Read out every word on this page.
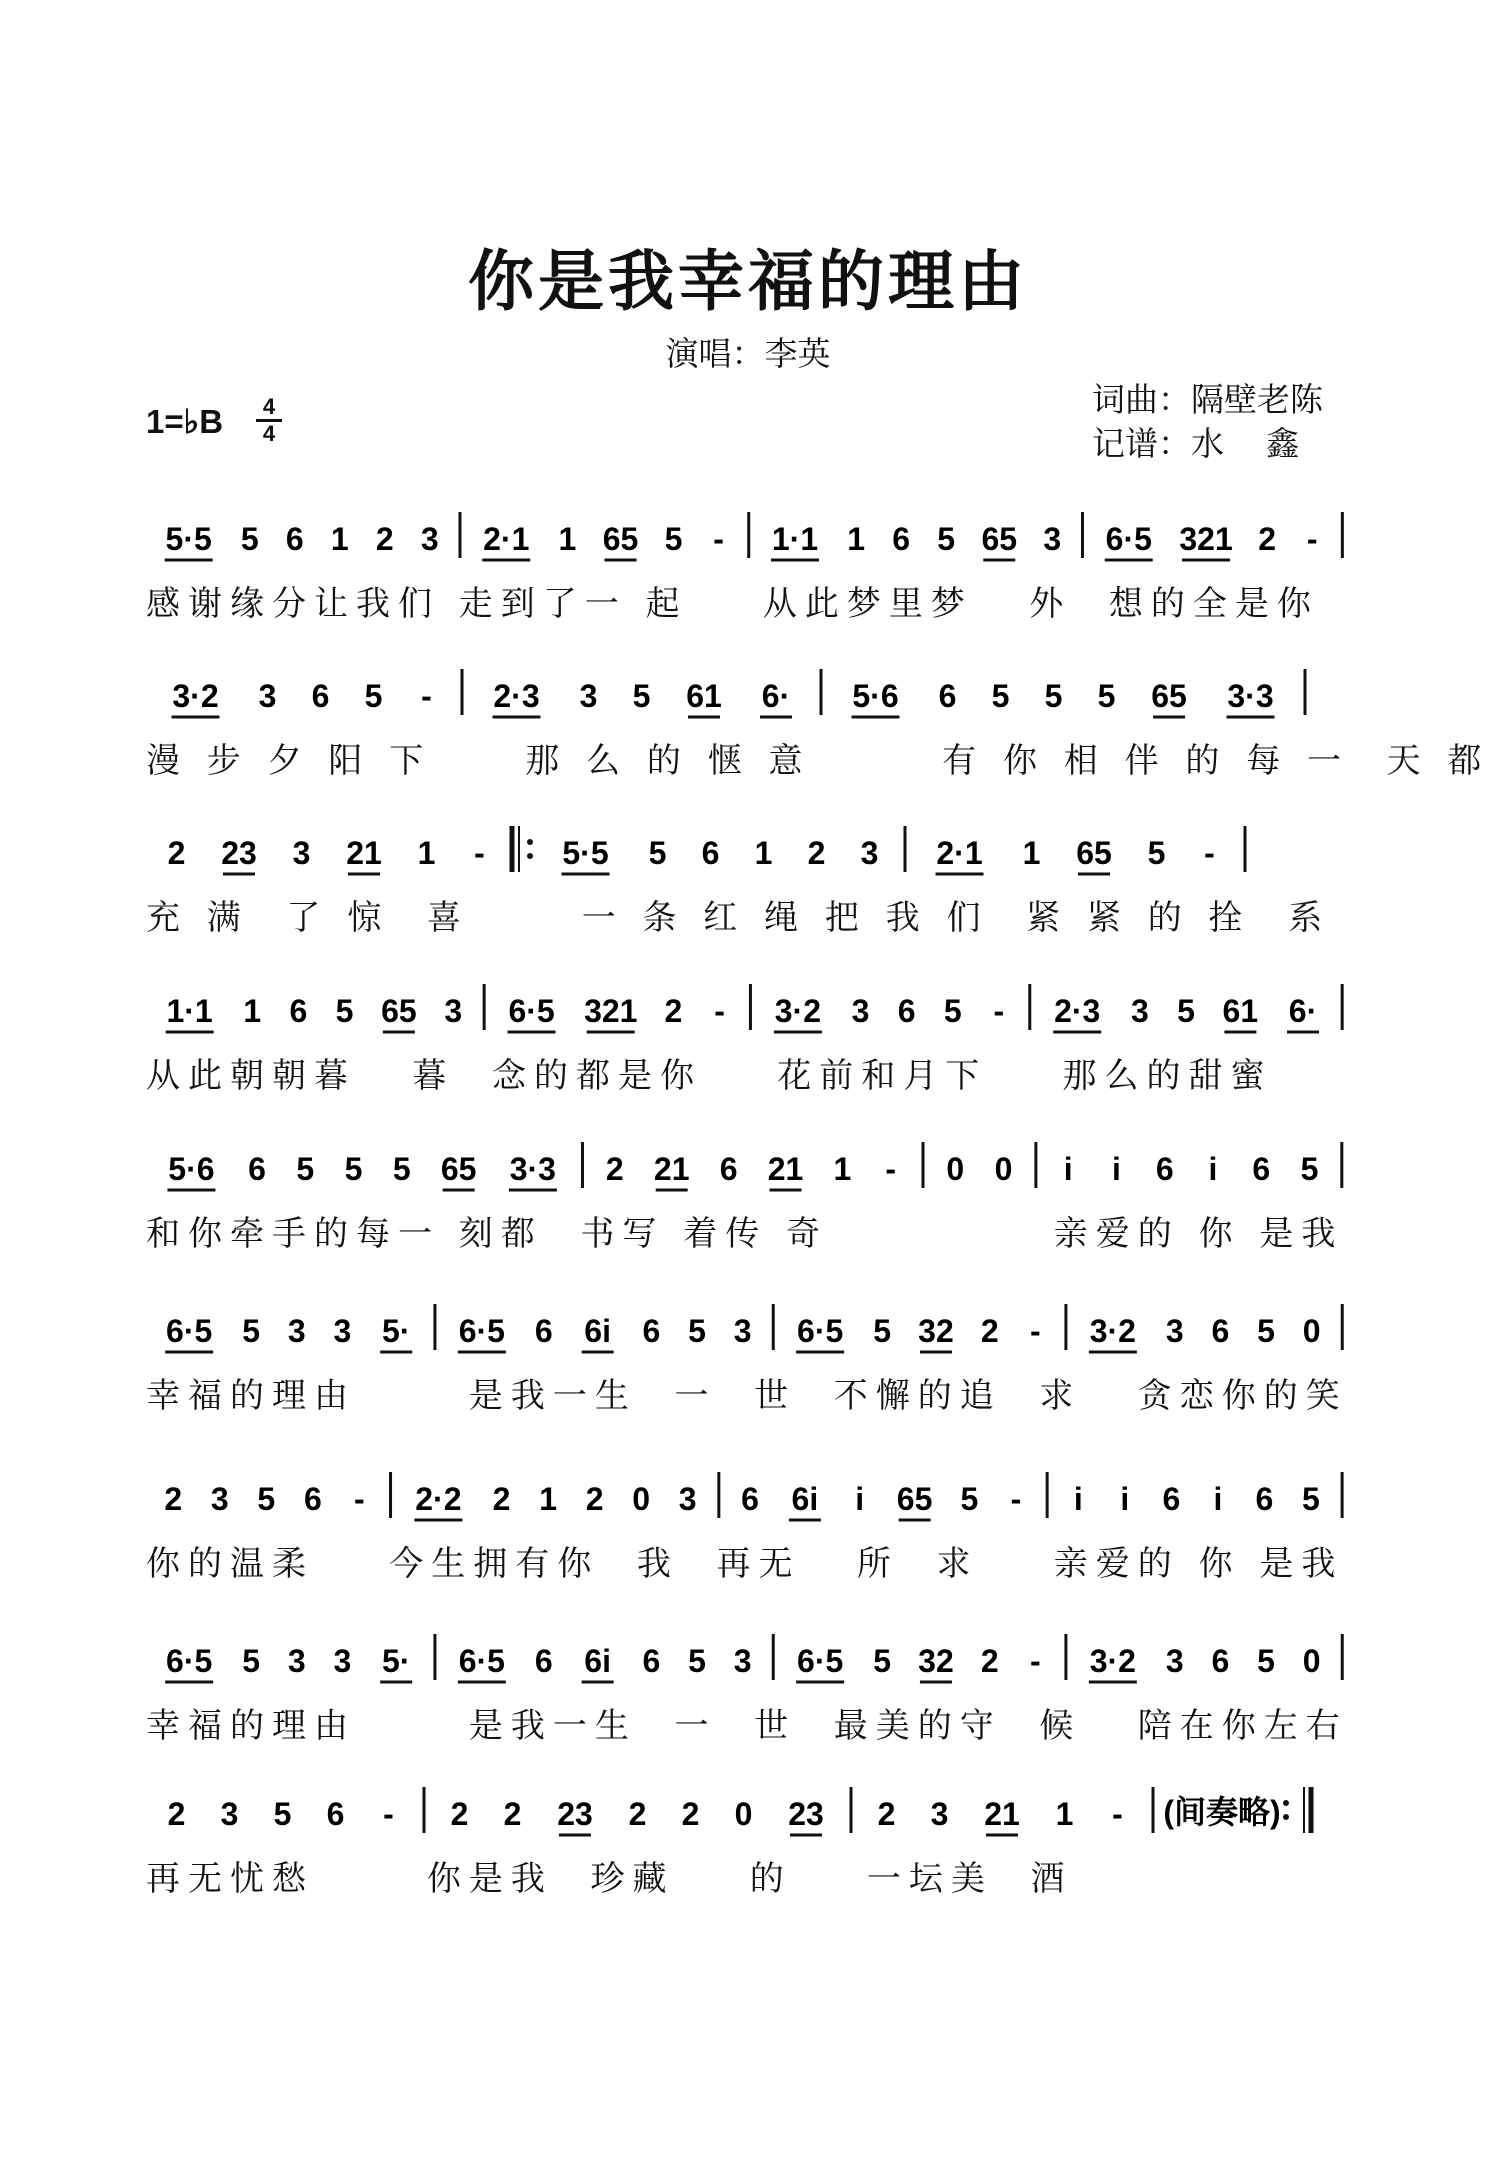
你是我幸福的理由
演唱：李英
词曲：隔壁老陈
记谱：水    鑫
1=♭B	4
4
5·5 5 6 1 2 3 2·1 1 65 5 - 1·1 1 6 5 65 3 6·5 321 2 -
感谢缘分让我们 走到了一 起    从此梦里梦   外  想的全是你
3·2 3 6 5 - 2·3 3 5 61 6· 5·6 6 5 5 5 65 3·3
漫 步 夕 阳 下     那 么 的 惬 意       有 你 相 伴 的 每 一  天 都
2 23 3 21 1 - 5·5 5 6 1 2 3 2·1 1 65 5 -
充 满  了 惊  喜      一 条 红 绳 把 我 们  紧 紧 的 拴  系
1·1 1 6 5 65 3 6·5 321 2 - 3·2 3 6 5 - 2·3 3 5 61 6·
从此朝朝暮   暮  念的都是你    花前和月下    那么的甜蜜
5·6 6 5 5 5 65 3·3 2 21 6 21 1 - 0 0 i i 6 i 6 5
和你牵手的每一 刻都  书写 着传 奇            亲爱的 你 是我
6·5 5 3 3 5· 6·5 6 6i 6 5 3 6·5 5 32 2 - 3·2 3 6 5 0
幸福的理由      是我一生  一  世  不懈的追  求   贪恋你的笑
2 3 5 6 - 2·2 2 1 2 0 3 6 6i i 65 5 - i i 6 i 6 5
你的温柔    今生拥有你  我  再无   所  求    亲爱的 你 是我
6·5 5 3 3 5· 6·5 6 6i 6 5 3 6·5 5 32 2 - 3·2 3 6 5 0
幸福的理由      是我一生  一  世  最美的守  候   陪在你左右
2 3 5 6 - 2 2 23 2 2 0 23 2 3 21 1 - (间奏略)
再无忧愁      你是我  珍藏    的    一坛美  酒
